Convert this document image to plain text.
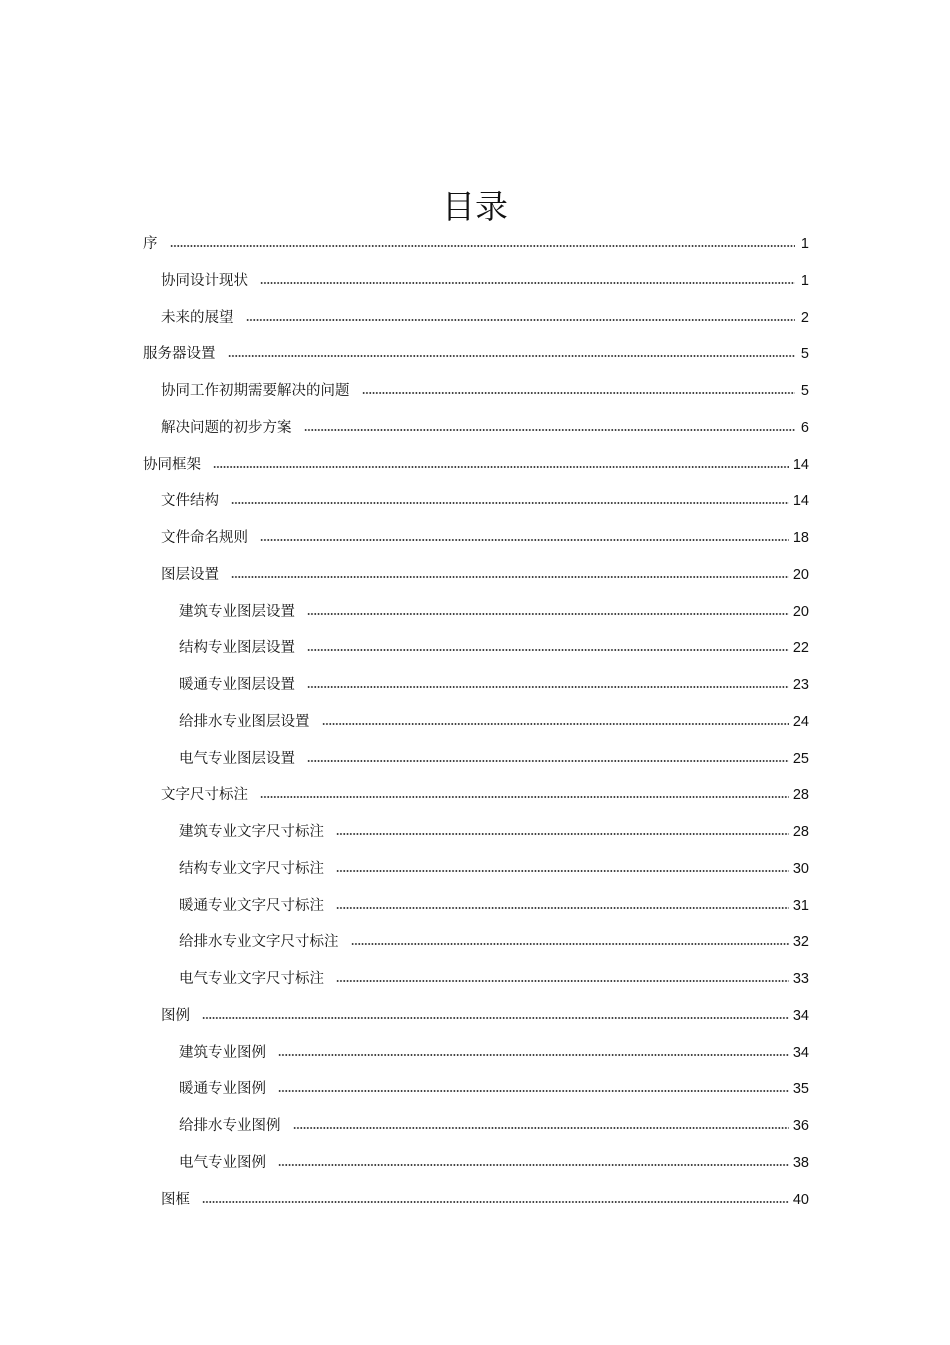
目录
序	1
协同设计现状	1
未来的展望	2
服务器设置	5
协同工作初期需要解决的问题	5
解决问题的初步方案	6
协同框架	14
文件结构	14
文件命名规则	18
图层设置	20
建筑专业图层设置	20
结构专业图层设置	22
暖通专业图层设置	23
给排水专业图层设置	24
电气专业图层设置	25
文字尺寸标注	28
建筑专业文字尺寸标注	28
结构专业文字尺寸标注	30
暖通专业文字尺寸标注	31
给排水专业文字尺寸标注	32
电气专业文字尺寸标注	33
图例	34
建筑专业图例	34
暖通专业图例	35
给排水专业图例	36
电气专业图例	38
图框	40
